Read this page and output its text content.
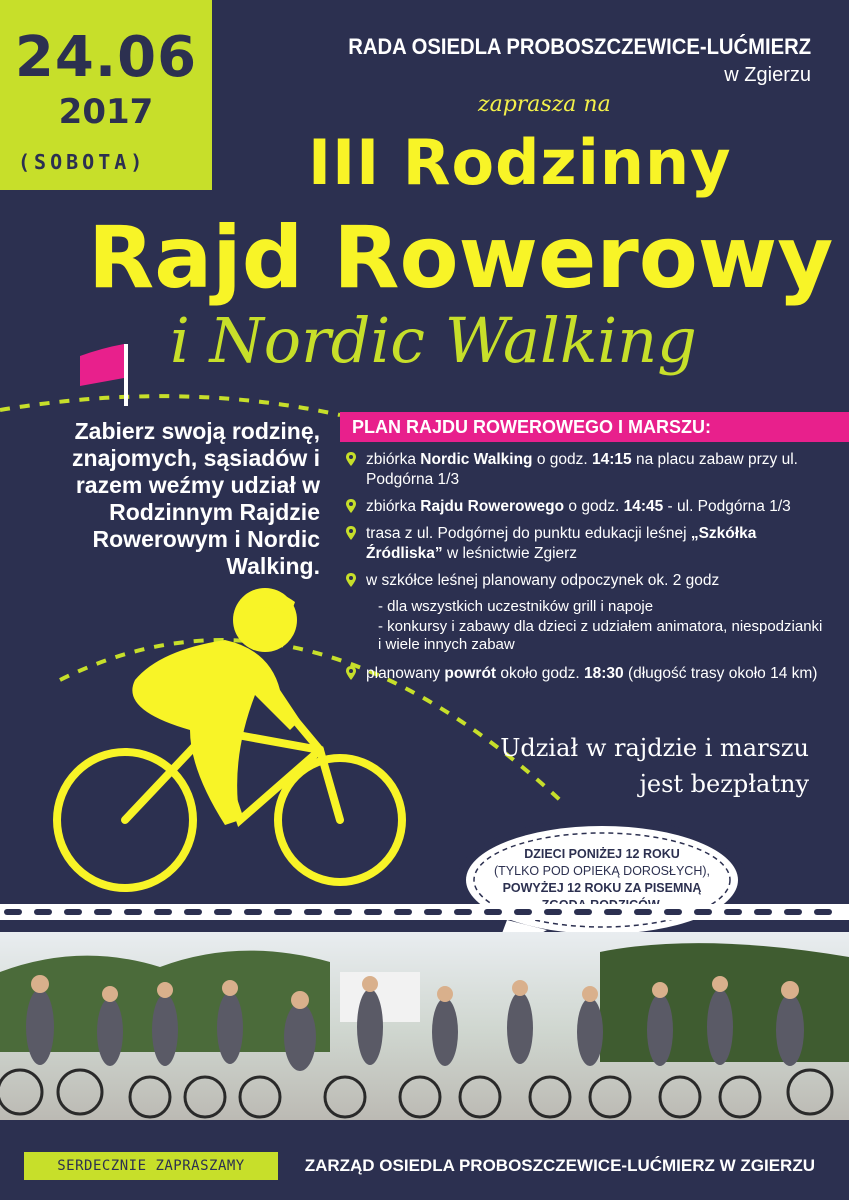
24.06
2017
(SOBOTA)
RADA OSIEDLA PROBOSZCZEWICE-LUĆMIERZ
w Zgierzu
zaprasza na
III Rodzinny
Rajd Rowerowy
i Nordic Walking
Zabierz swoją rodzinę, znajomych, sąsiadów i razem weźmy udział w Rodzinnym Rajdzie Rowerowym i Nordic Walking.
PLAN RAJDU ROWEROWEGO I MARSZU:
zbiórka Nordic Walking o godz. 14:15 na placu zabaw przy ul. Podgórna 1/3
zbiórka Rajdu Rowerowego o godz. 14:45 - ul. Podgórna 1/3
trasa z ul. Podgórnej do punktu edukacji leśnej „Szkółka Źródliska” w leśnictwie Zgierz
w szkółce leśnej planowany odpoczynek ok. 2 godz
- dla wszystkich uczestników grill i napoje
- konkursy i zabawy dla dzieci z udziałem animatora, niespodzianki i wiele innych zabaw
planowany powrót około godz. 18:30 (długość trasy około 14 km)
Udział w rajdzie i marszu
jest bezpłatny
DZIECI PONIŻEJ 12 ROKU
(TYLKO POD OPIEKĄ DOROSŁYCH),
POWYŻEJ 12 ROKU ZA PISEMNĄ
SERDECZNIE ZAPRASZAMY	ZARZĄD OSIEDLA PROBOSZCZEWICE-LUĆMIERZ W ZGIERZU
